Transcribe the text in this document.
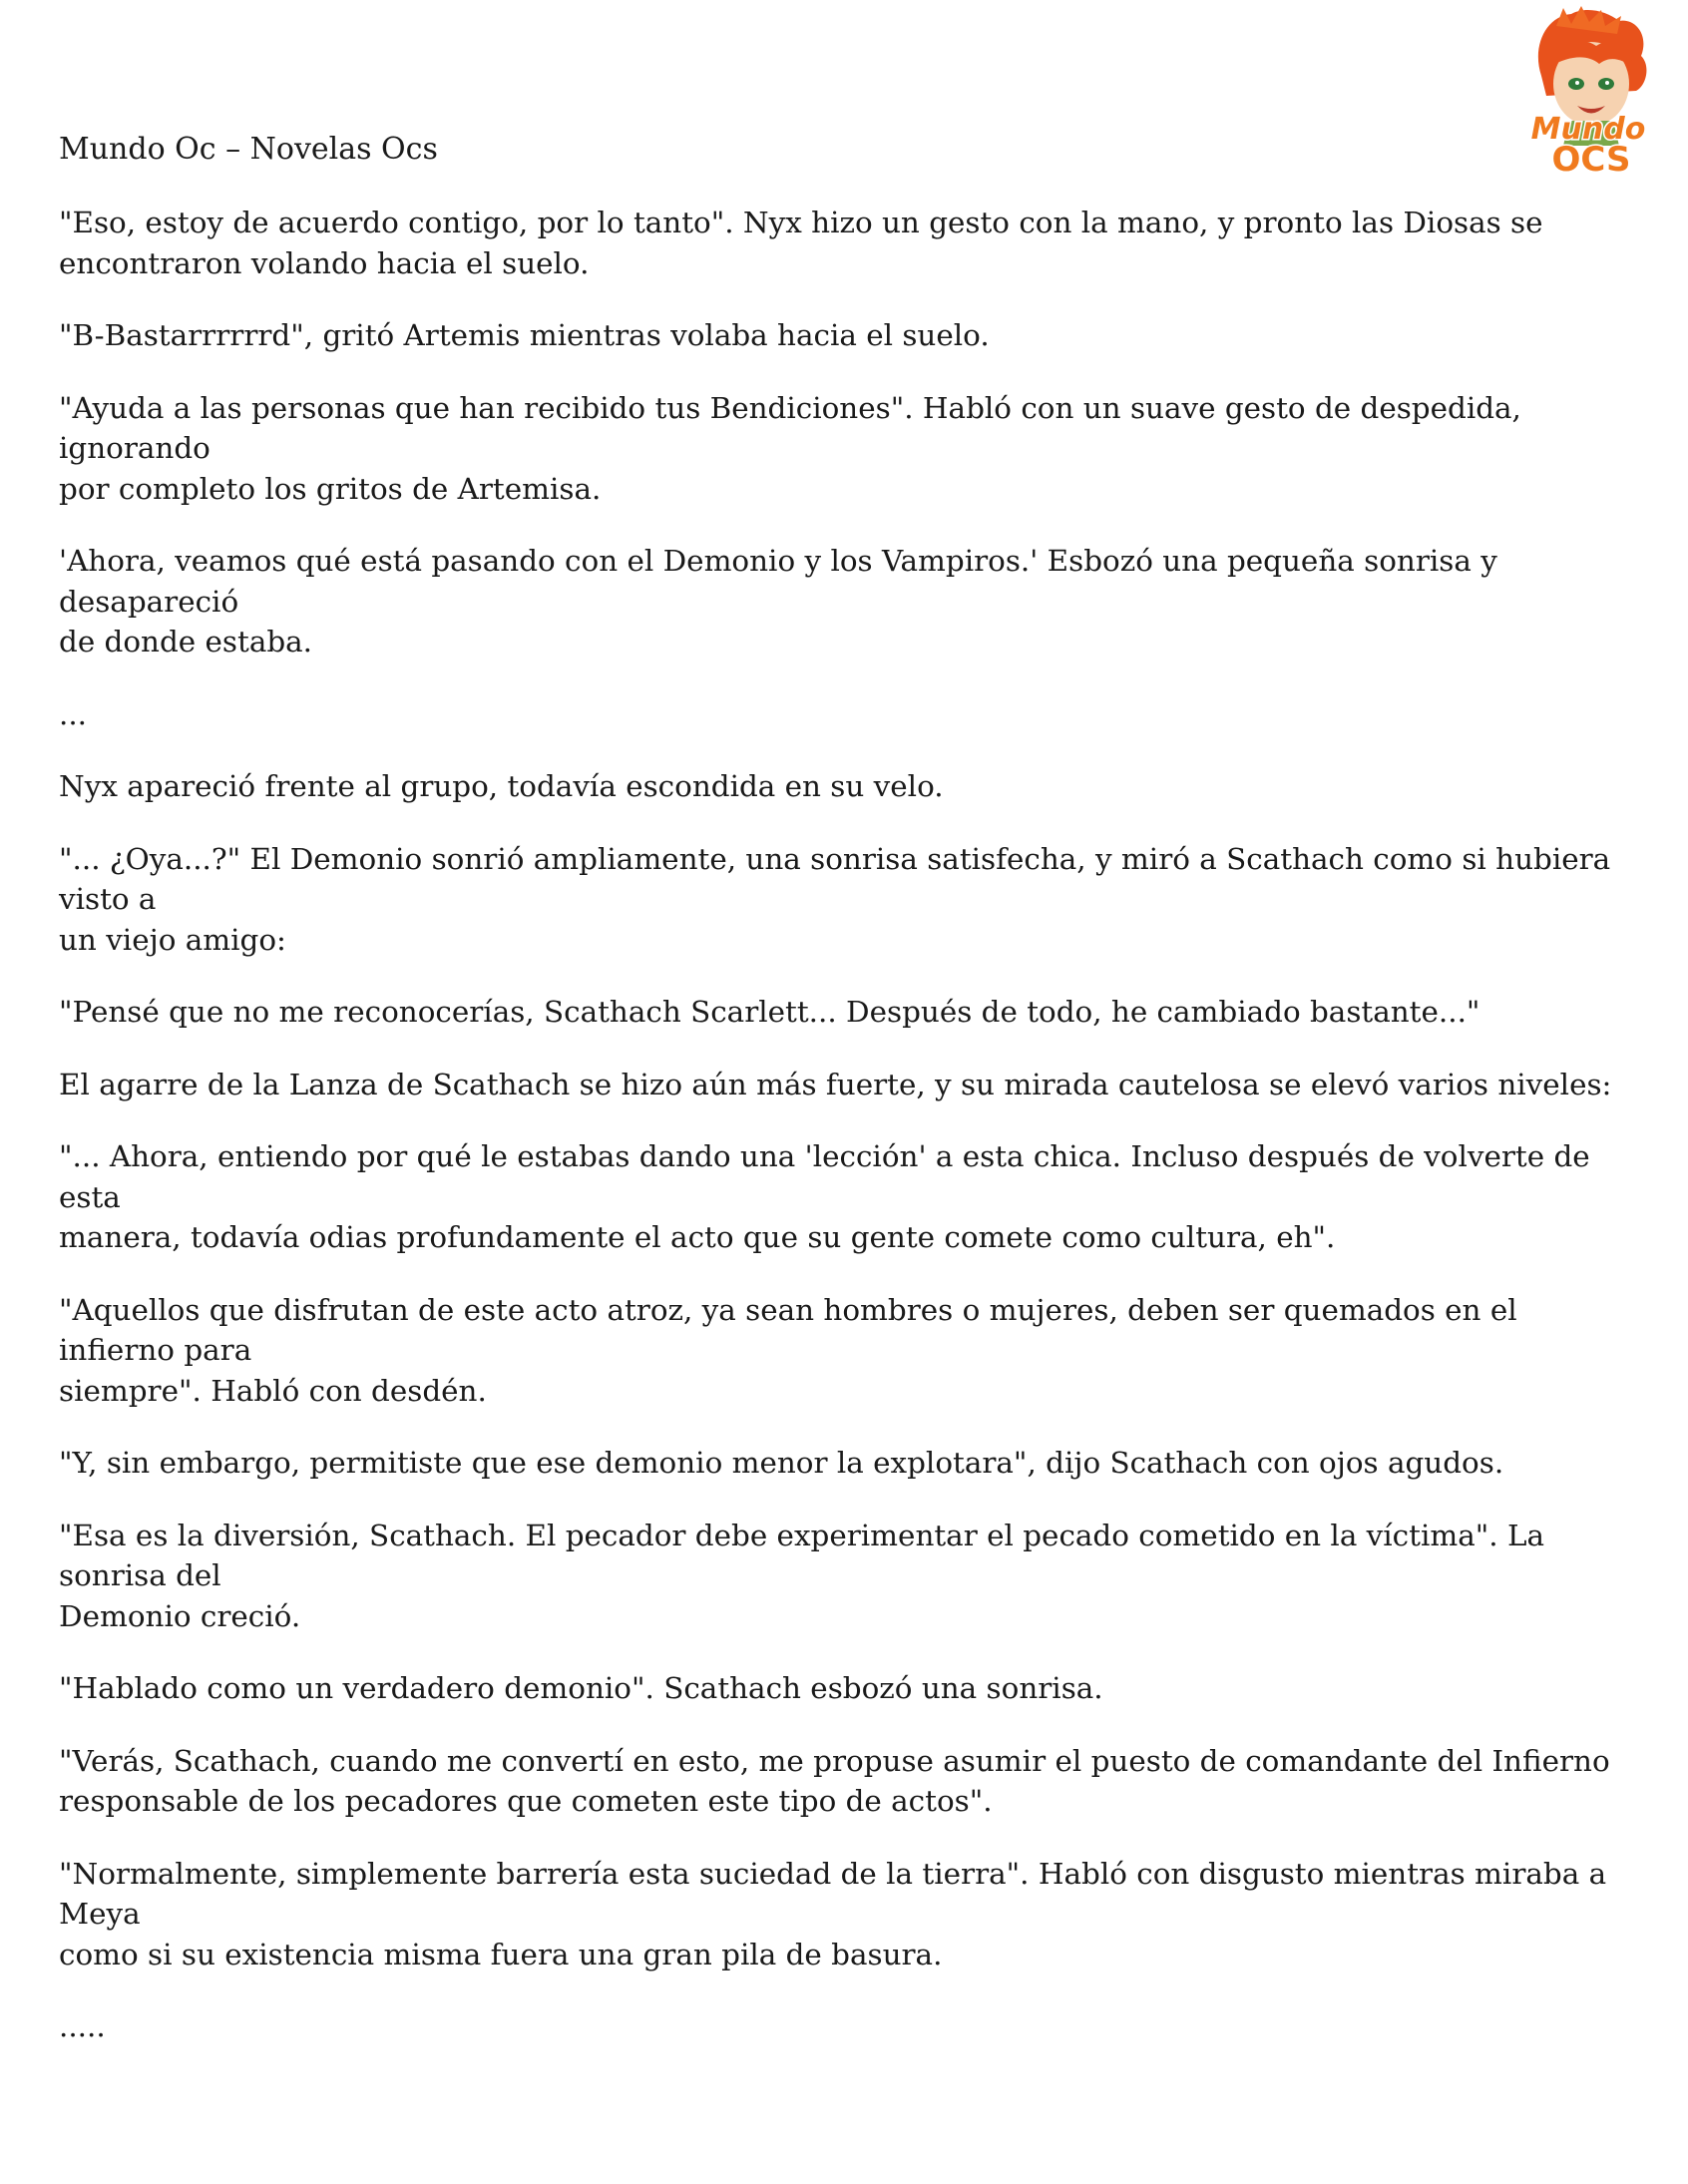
Mundo Oc – Novelas Ocs
Mundo
OCS

"Eso, estoy de acuerdo contigo, por lo tanto". Nyx hizo un gesto con la mano, y pronto las Diosas se
encontraron volando hacia el suelo.

"B-Bastarrrrrrd", gritó Artemis mientras volaba hacia el suelo.

"Ayuda a las personas que han recibido tus Bendiciones". Habló con un suave gesto de despedida, ignorando
por completo los gritos de Artemisa.

'Ahora, veamos qué está pasando con el Demonio y los Vampiros.' Esbozó una pequeña sonrisa y desapareció
de donde estaba.

...

Nyx apareció frente al grupo, todavía escondida en su velo.

"... ¿Oya...?" El Demonio sonrió ampliamente, una sonrisa satisfecha, y miró a Scathach como si hubiera visto a
un viejo amigo:

"Pensé que no me reconocerías, Scathach Scarlett... Después de todo, he cambiado bastante..."

El agarre de la Lanza de Scathach se hizo aún más fuerte, y su mirada cautelosa se elevó varios niveles:

"... Ahora, entiendo por qué le estabas dando una 'lección' a esta chica. Incluso después de volverte de esta
manera, todavía odias profundamente el acto que su gente comete como cultura, eh".

"Aquellos que disfrutan de este acto atroz, ya sean hombres o mujeres, deben ser quemados en el infierno para
siempre". Habló con desdén.

"Y, sin embargo, permitiste que ese demonio menor la explotara", dijo Scathach con ojos agudos.

"Esa es la diversión, Scathach. El pecador debe experimentar el pecado cometido en la víctima". La sonrisa del
Demonio creció.

"Hablado como un verdadero demonio". Scathach esbozó una sonrisa.

"Verás, Scathach, cuando me convertí en esto, me propuse asumir el puesto de comandante del Infierno
responsable de los pecadores que cometen este tipo de actos".

"Normalmente, simplemente barrería esta suciedad de la tierra". Habló con disgusto mientras miraba a Meya
como si su existencia misma fuera una gran pila de basura.

.....
